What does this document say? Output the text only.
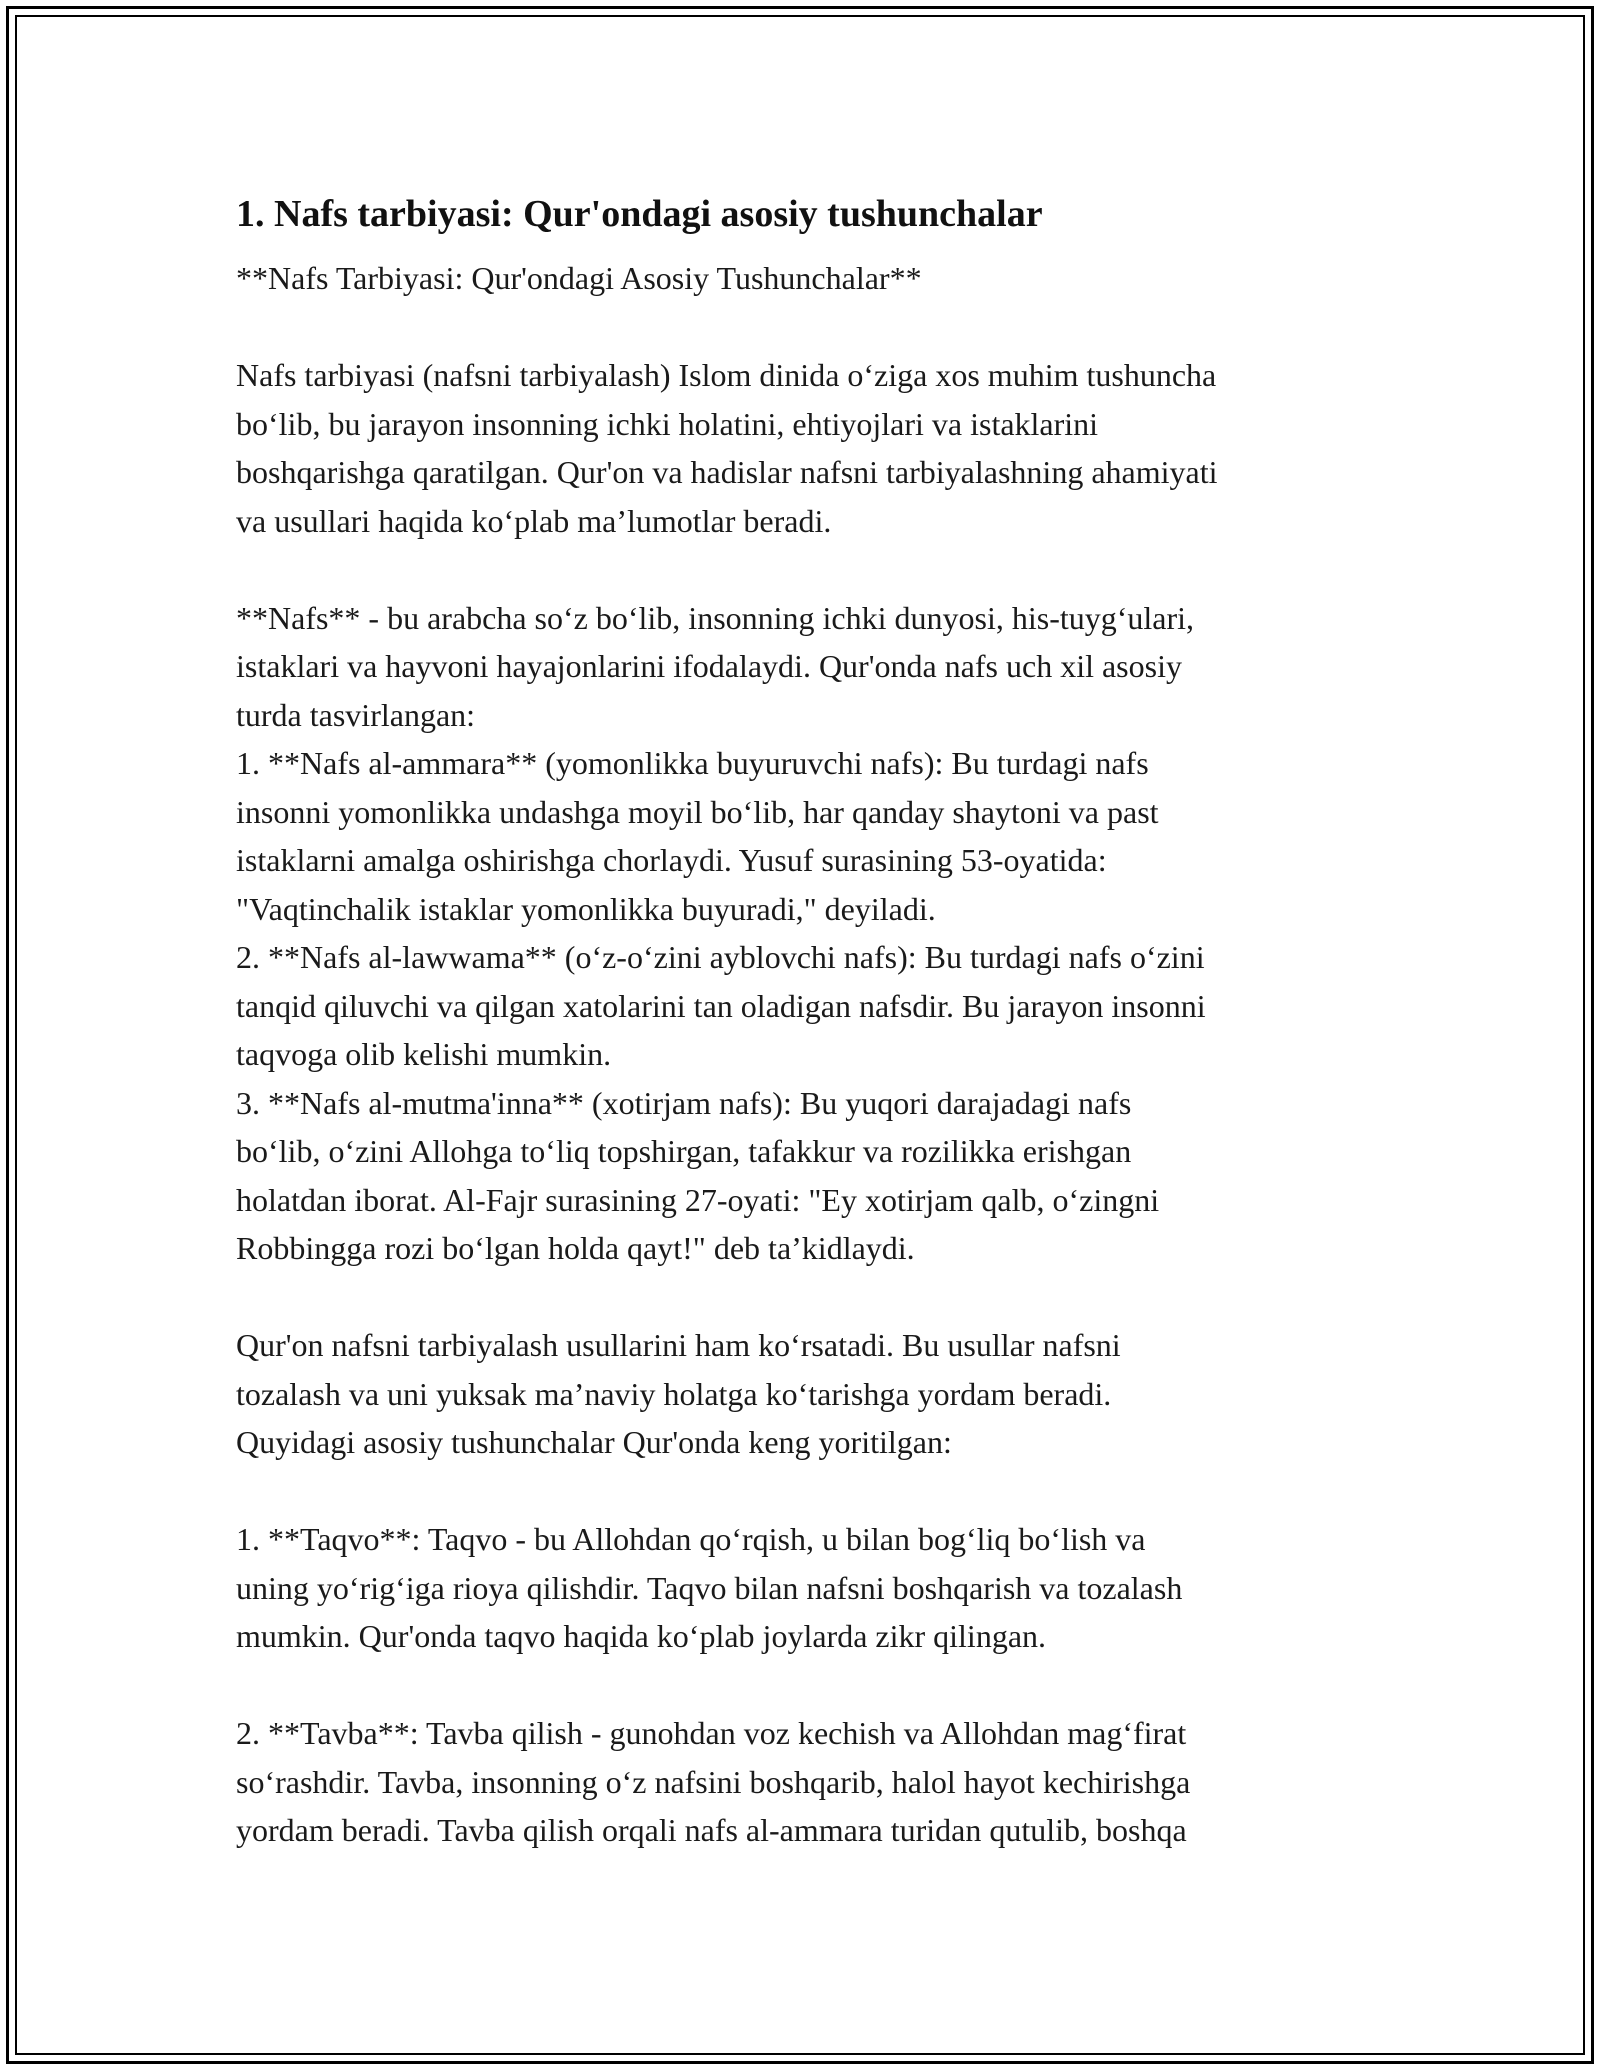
1. Nafs tarbiyasi: Qur'ondagi asosiy tushunchalar
**Nafs Tarbiyasi: Qur'ondagi Asosiy Tushunchalar**

Nafs tarbiyasi (nafsni tarbiyalash) Islom dinida o‘ziga xos muhim tushuncha
bo‘lib, bu jarayon insonning ichki holatini, ehtiyojlari va istaklarini
boshqarishga qaratilgan. Qur'on va hadislar nafsni tarbiyalashning ahamiyati
va usullari haqida ko‘plab ma’lumotlar beradi.

**Nafs** - bu arabcha so‘z bo‘lib, insonning ichki dunyosi, his-tuyg‘ulari,
istaklari va hayvoni hayajonlarini ifodalaydi. Qur'onda nafs uch xil asosiy
turda tasvirlangan:
1. **Nafs al-ammara** (yomonlikka buyuruvchi nafs): Bu turdagi nafs
insonni yomonlikka undashga moyil bo‘lib, har qanday shaytoni va past
istaklarni amalga oshirishga chorlaydi. Yusuf surasining 53-oyatida:
"Vaqtinchalik istaklar yomonlikka buyuradi," deyiladi.
2. **Nafs al-lawwama** (o‘z-o‘zini ayblovchi nafs): Bu turdagi nafs o‘zini
tanqid qiluvchi va qilgan xatolarini tan oladigan nafsdir. Bu jarayon insonni
taqvoga olib kelishi mumkin.
3. **Nafs al-mutma'inna** (xotirjam nafs): Bu yuqori darajadagi nafs
bo‘lib, o‘zini Allohga to‘liq topshirgan, tafakkur va rozilikka erishgan
holatdan iborat. Al-Fajr surasining 27-oyati: "Ey xotirjam qalb, o‘zingni
Robbingga rozi bo‘lgan holda qayt!" deb ta’kidlaydi.

Qur'on nafsni tarbiyalash usullarini ham ko‘rsatadi. Bu usullar nafsni
tozalash va uni yuksak ma’naviy holatga ko‘tarishga yordam beradi.
Quyidagi asosiy tushunchalar Qur'onda keng yoritilgan:

1. **Taqvo**: Taqvo - bu Allohdan qo‘rqish, u bilan bog‘liq bo‘lish va
uning yo‘rig‘iga rioya qilishdir. Taqvo bilan nafsni boshqarish va tozalash
mumkin. Qur'onda taqvo haqida ko‘plab joylarda zikr qilingan.

2. **Tavba**: Tavba qilish - gunohdan voz kechish va Allohdan mag‘firat
so‘rashdir. Tavba, insonning o‘z nafsini boshqarib, halol hayot kechirishga
yordam beradi. Tavba qilish orqali nafs al-ammara turidan qutulib, boshqa
